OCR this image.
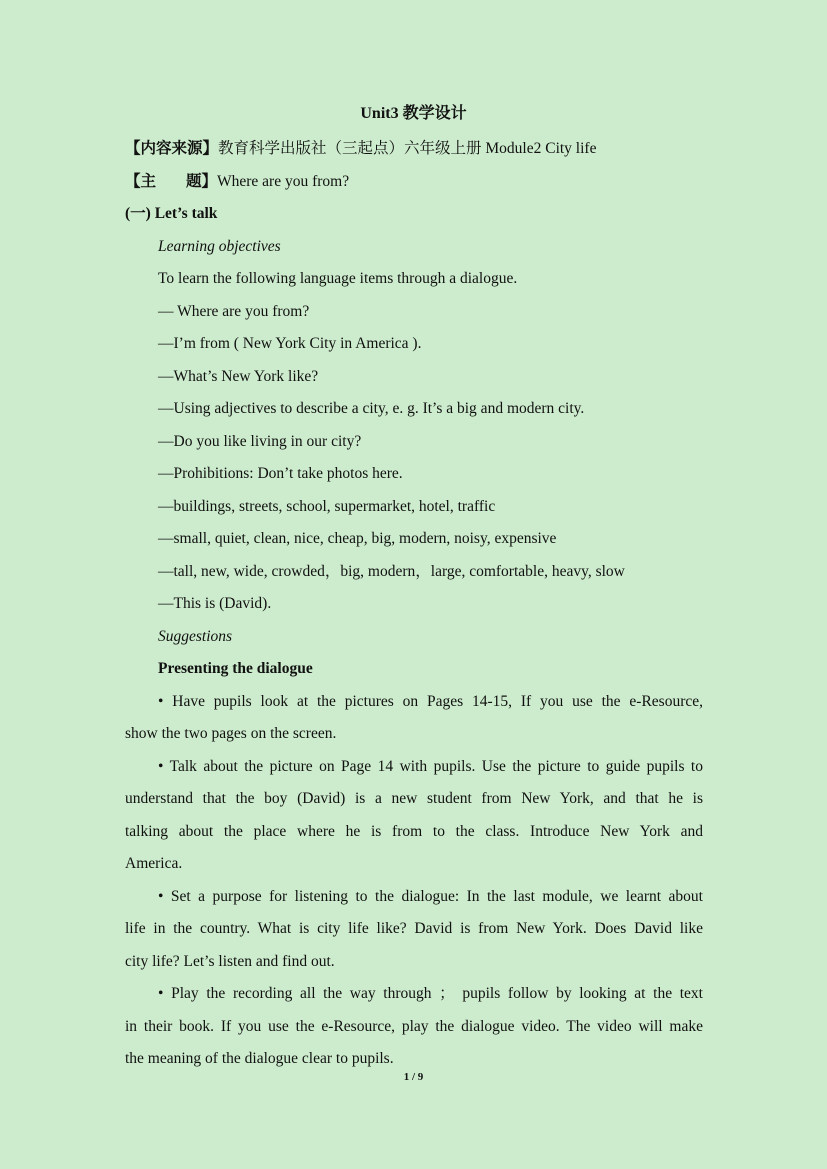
Unit3 教学设计
【内容来源】教育科学出版社（三起点）六年级上册 Module2 City life
【主 题】 Where are you from?
(一) Let’s talk
Learning objectives
To learn the following language items through a dialogue.
— Where are you from?
—I’m from ( New York City in America ).
—What’s New York like?
—Using adjectives to describe a city, e. g. It’s a big and modern city.
—Do you like living in our city?
—Prohibitions: Don’t take photos here.
—buildings, streets, school, supermarket, hotel, traffic
—small, quiet, clean, nice, cheap, big, modern, noisy, expensive
—tall, new, wide, crowded，big, modern，large, comfortable, heavy, slow
—This is (David).
Suggestions
Presenting the dialogue
• Have pupils look at the pictures on Pages 14-15, If you use the e-Resource,
show the two pages on the screen.
• Talk about the picture on Page 14 with pupils. Use the picture to guide pupils to
understand that the boy (David) is a new student from New York, and that he is
talking about the place where he is from to the class. Introduce New York and
America.
• Set a purpose for listening to the dialogue: In the last module, we learnt about
life in the country. What is city life like? David is from New York. Does David like
city life? Let’s listen and find out.
• Play the recording all the way through ； pupils follow by looking at the text
in their book. If you use the e-Resource, play the dialogue video. The video will make
the meaning of the dialogue clear to pupils.
1 / 9
